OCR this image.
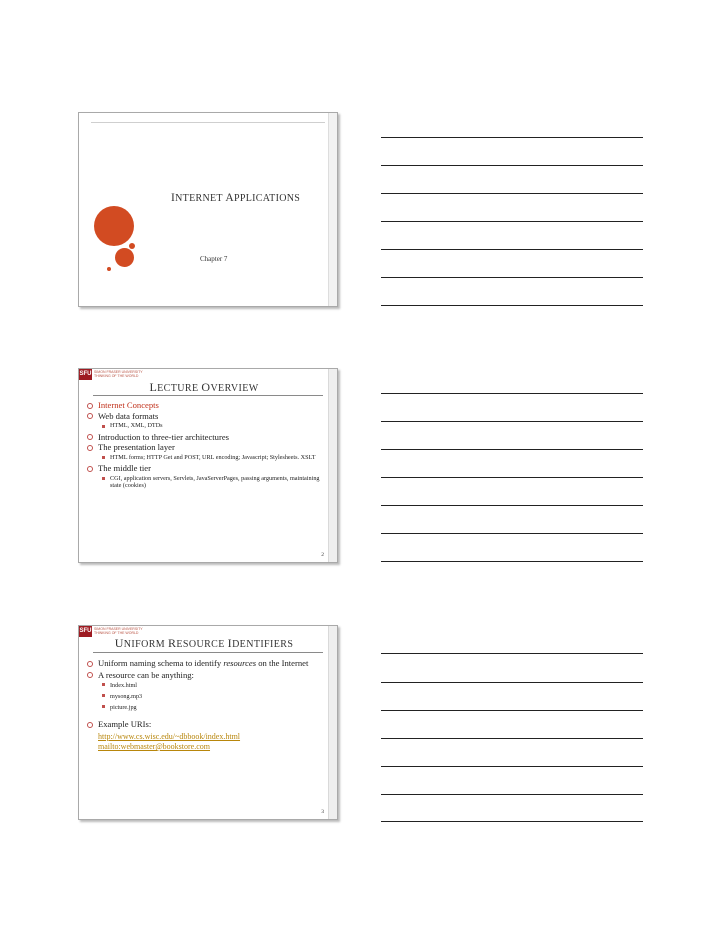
INTERNET APPLICATIONS
Chapter 7
SFU SIMON FRASER UNIVERSITY
THINKING OF THE WORLD
LECTURE OVERVIEW
Internet Concepts
Web data formats
HTML, XML, DTDs
Introduction to three-tier architectures
The presentation layer
HTML forms; HTTP Get and POST, URL encoding; Javascript; Stylesheets. XSLT
The middle tier
CGI, application servers, Servlets, JavaServerPages, passing arguments, maintaining state (cookies)
2
SFU SIMON FRASER UNIVERSITY
THINKING OF THE WORLD
UNIFORM RESOURCE IDENTIFIERS
Uniform naming schema to identify resources on the Internet
A resource can be anything:
Index.html
mysong.mp3
picture.jpg
Example URIs:
http://www.cs.wisc.edu/~dbbook/index.html
mailto:webmaster@bookstore.com
3
